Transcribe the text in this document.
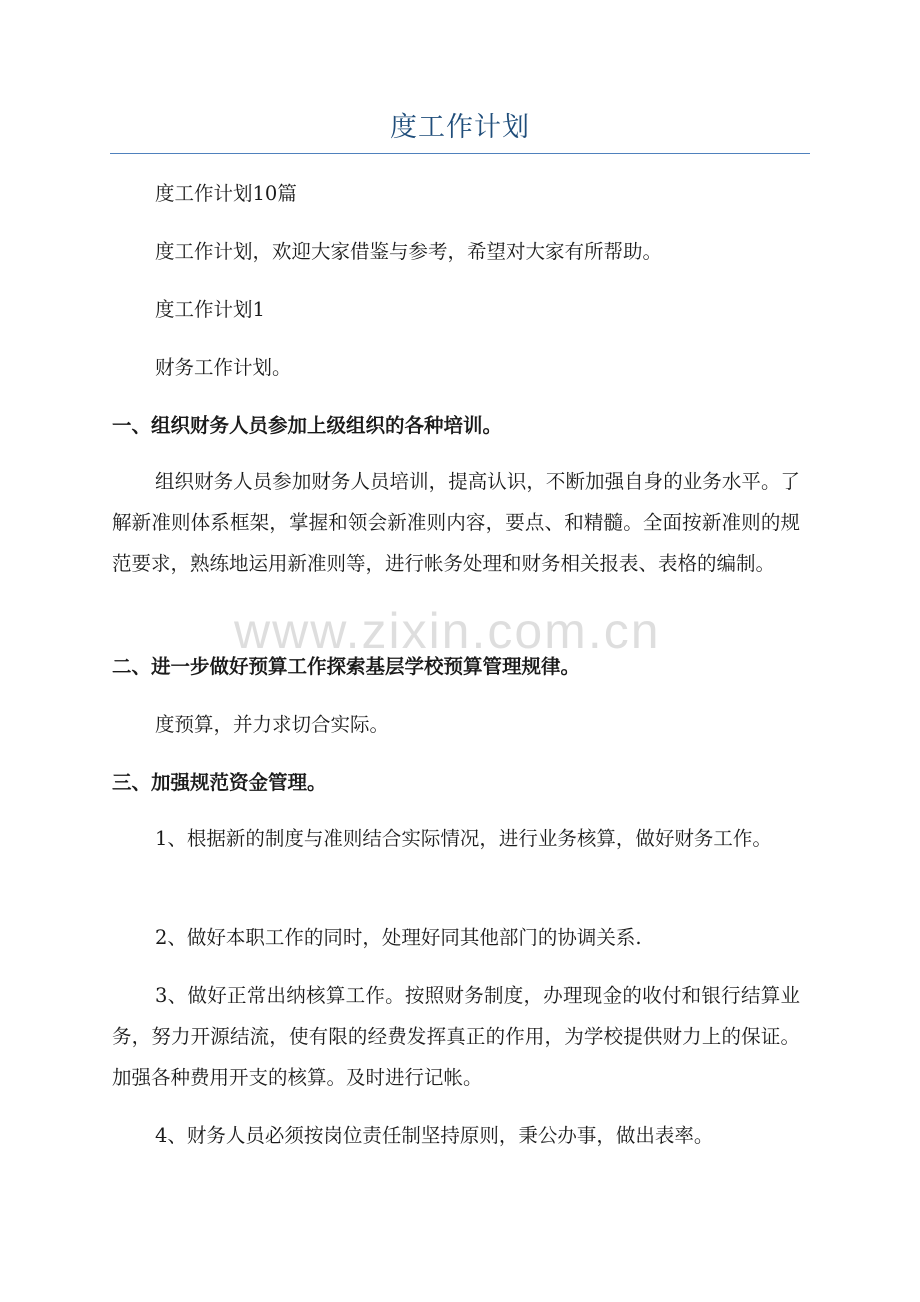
度工作计划
度工作计划10篇
度工作计划，欢迎大家借鉴与参考，希望对大家有所帮助。
度工作计划1
财务工作计划。
一、组织财务人员参加上级组织的各种培训。
组织财务人员参加财务人员培训，提高认识，不断加强自身的业务水平。了解新准则体系框架，掌握和领会新准则内容，要点、和精髓。全面按新准则的规范要求，熟练地运用新准则等，进行帐务处理和财务相关报表、表格的编制。
二、进一步做好预算工作探索基层学校预算管理规律。
度预算，并力求切合实际。
三、加强规范资金管理。
1、根据新的制度与准则结合实际情况，进行业务核算，做好财务工作。
2、做好本职工作的同时，处理好同其他部门的协调关系.
3、做好正常出纳核算工作。按照财务制度，办理现金的收付和银行结算业务，努力开源结流，使有限的经费发挥真正的作用，为学校提供财力上的保证。加强各种费用开支的核算。及时进行记帐。
4、财务人员必须按岗位责任制坚持原则，秉公办事，做出表率。
www.zixin.com.cn
